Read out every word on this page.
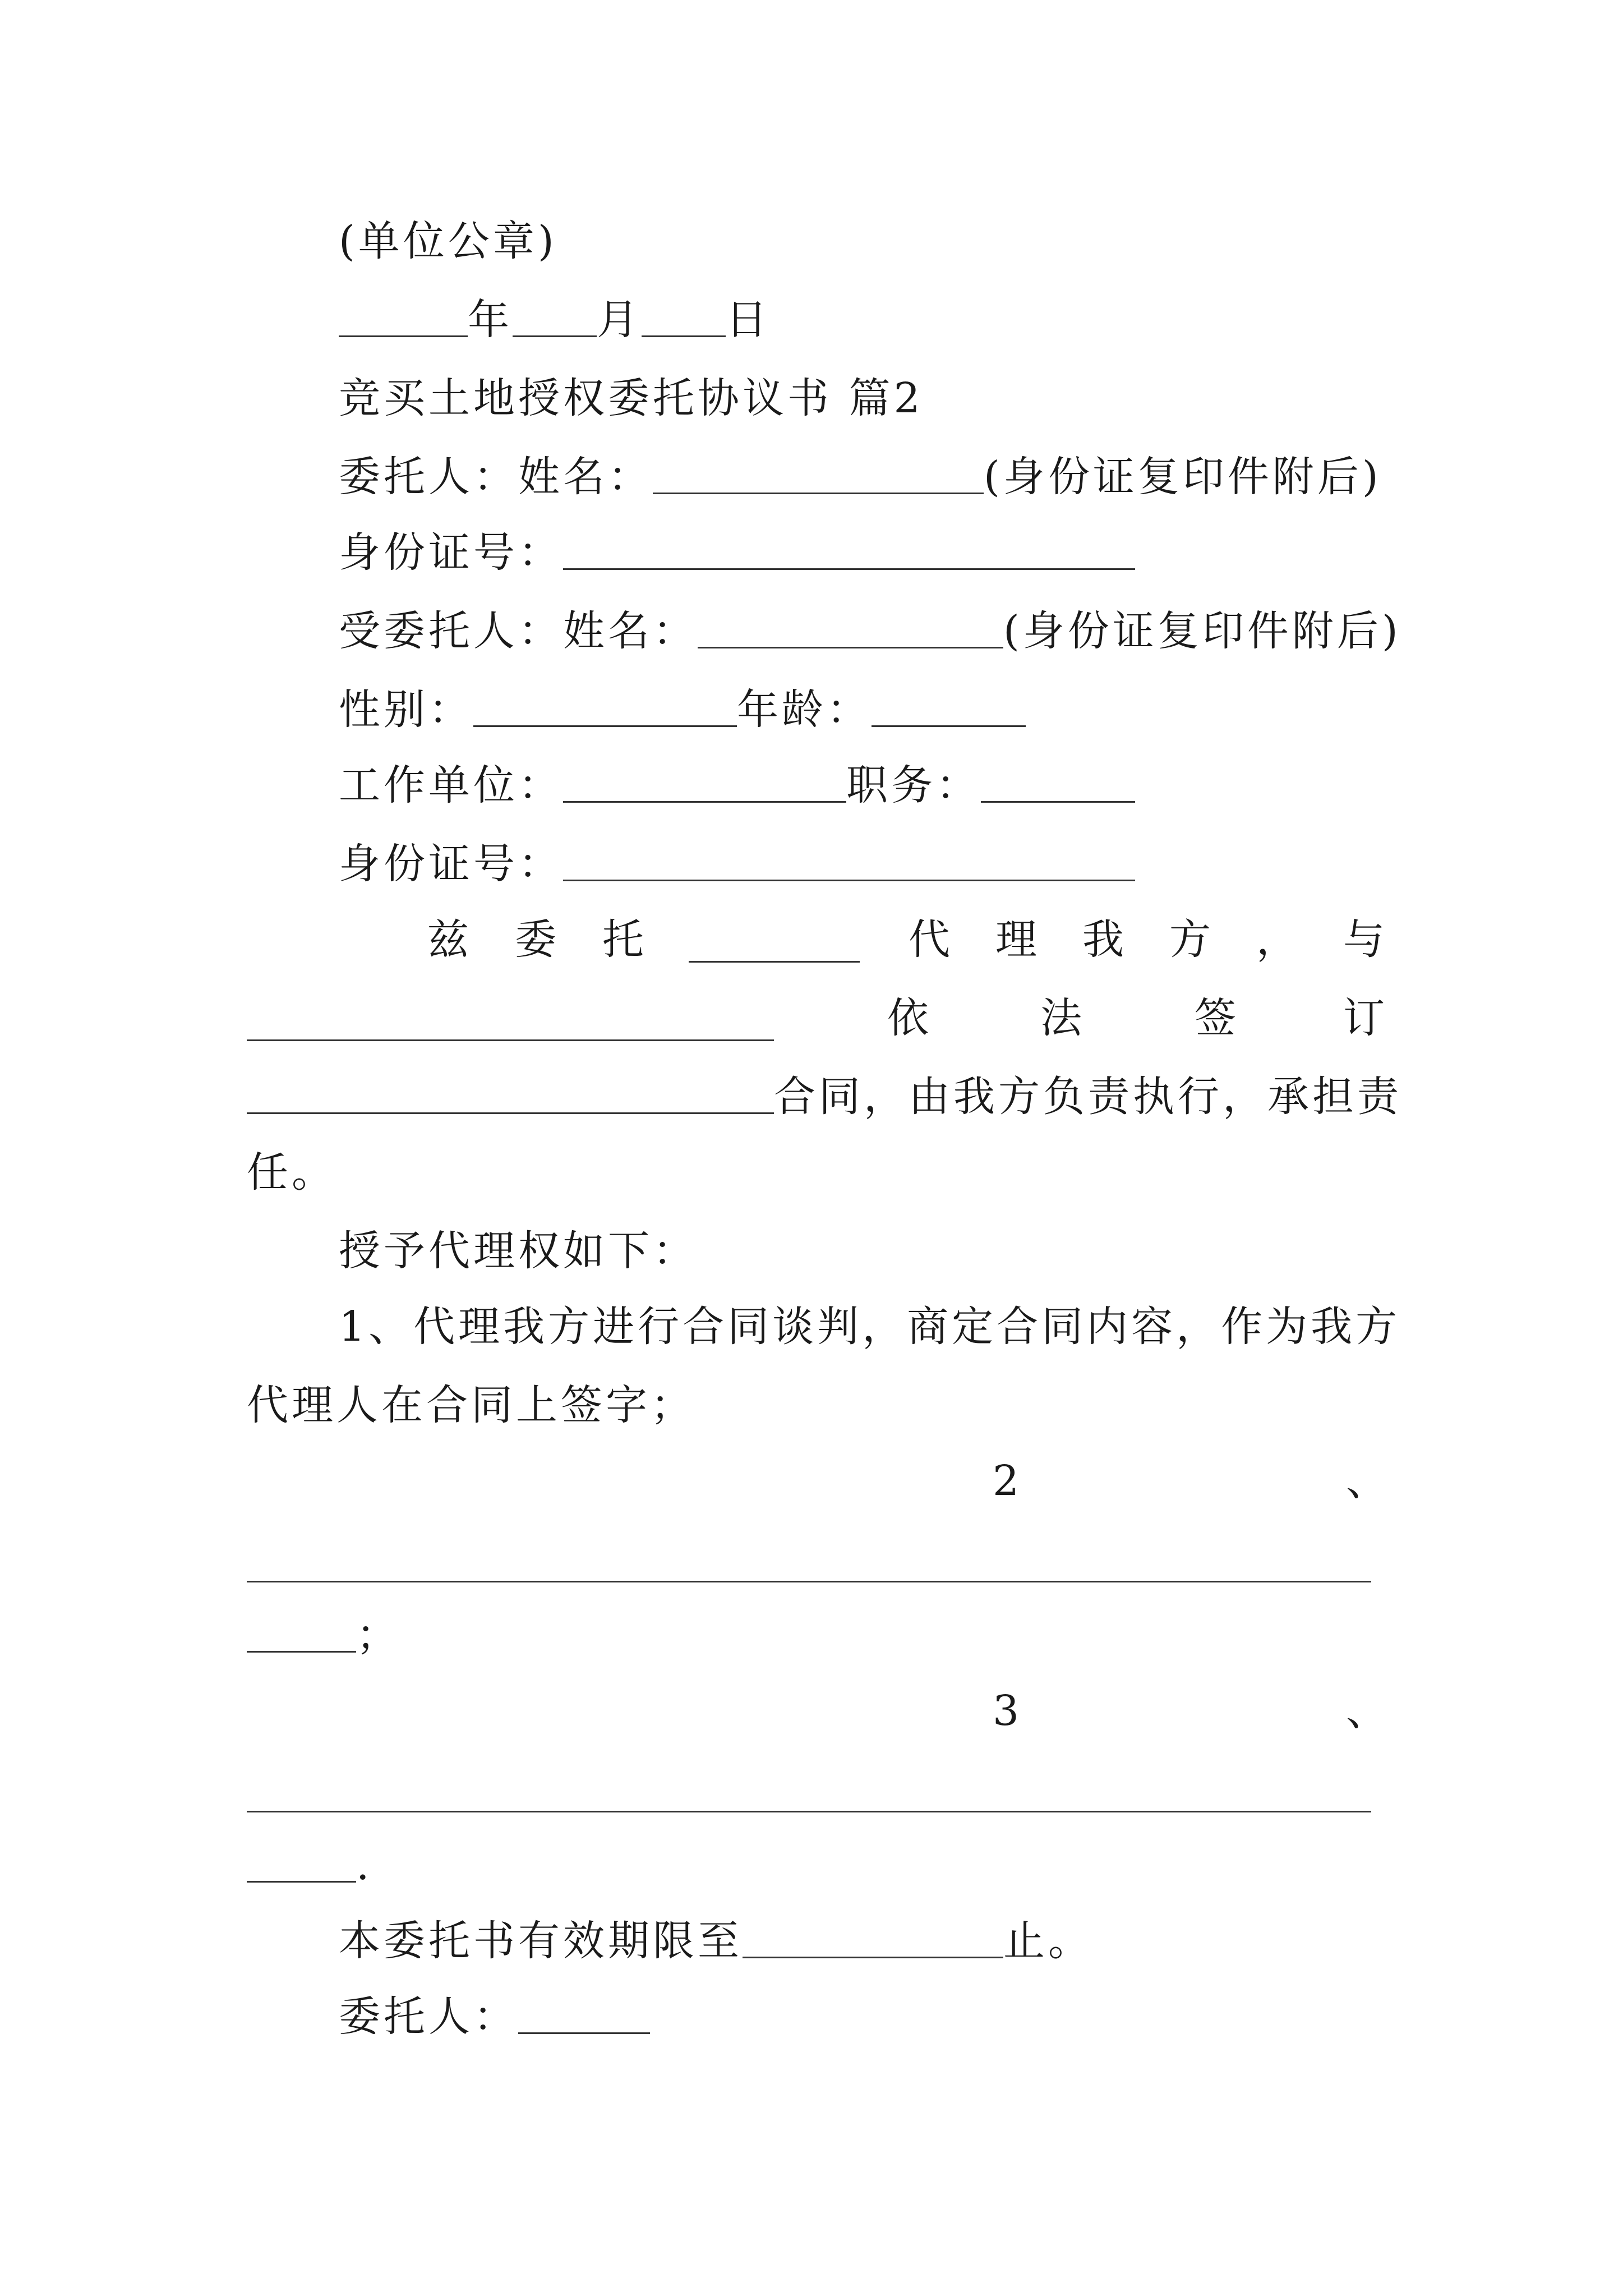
(单位公章)
年 月 日
竞买土地授权委托协议书 篇2
委托人：姓名：	(身份证复印件附后)
身份证号：
受委托人：姓名：	(身份证复印件附后)
性别：	年龄：
工作单位：	职务：
身份证号：
兹 委 托	代 理 我 方 ， 与
依	法	签	订
合同，由我方负责执行，承担责
任。
授予代理权如下：
1、代理我方进行合同谈判，商定合同内容，作为我方
代理人在合同上签字；
2	、
；
3	、
.
本委托书有效期限至	止。
委托人：
